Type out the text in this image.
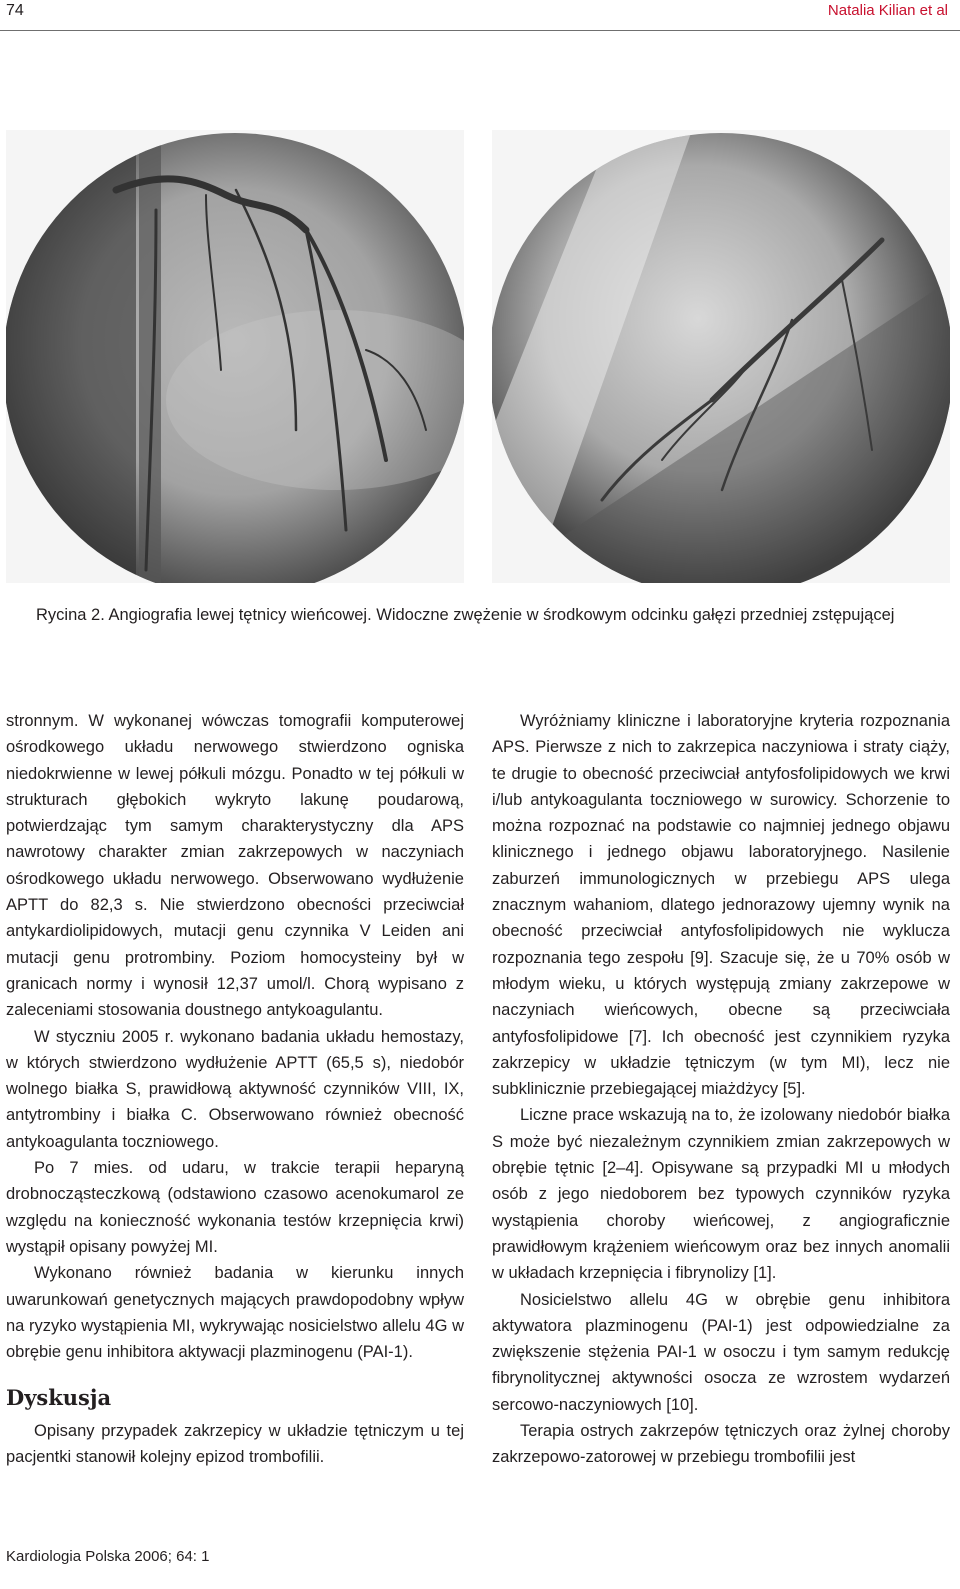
74	Natalia Kilian et al
Rycina 2. Angiografia lewej tętnicy wieńcowej. Widoczne zwężenie w środkowym odcinku gałęzi przedniej zstępującej

stronnym. W wykonanej wówczas tomografii komputerowej ośrodkowego układu nerwowego stwierdzono ogniska niedokrwienne w lewej półkuli mózgu. Ponadto w tej półkuli w strukturach głębokich wykryto lakunę poudarową, potwierdzając tym samym charakterystyczny dla APS nawrotowy charakter zmian zakrzepowych w naczyniach ośrodkowego układu nerwowego. Obserwowano wydłużenie APTT do 82,3 s. Nie stwierdzono obecności przeciwciał antykardiolipidowych, mutacji genu czynnika V Leiden ani mutacji genu protrombiny. Poziom homocysteiny był w granicach normy i wynosił 12,37 umol/l. Chorą wypisano z zaleceniami stosowania doustnego antykoagulantu.

W styczniu 2005 r. wykonano badania układu hemostazy, w których stwierdzono wydłużenie APTT (65,5 s), niedobór wolnego białka S, prawidłową aktywność czynników VIII, IX, antytrombiny i białka C. Obserwowano również obecność antykoagulanta toczniowego.

Po 7 mies. od udaru, w trakcie terapii heparyną drobnocząsteczkową (odstawiono czasowo acenokumarol ze względu na konieczność wykonania testów krzepnięcia krwi) wystąpił opisany powyżej MI.

Wykonano również badania w kierunku innych uwarunkowań genetycznych mających prawdopodobny wpływ na ryzyko wystąpienia MI, wykrywając nosicielstwo allelu 4G w obrębie genu inhibitora aktywacji plazminogenu (PAI-1).

Dyskusja

Opisany przypadek zakrzepicy w układzie tętniczym u tej pacjentki stanowił kolejny epizod trombofilii.

Wyróżniamy kliniczne i laboratoryjne kryteria rozpoznania APS. Pierwsze z nich to zakrzepica naczyniowa i straty ciąży, te drugie to obecność przeciwciał antyfosfolipidowych we krwi i/lub antykoagulanta toczniowego w surowicy. Schorzenie to można rozpoznać na podstawie co najmniej jednego objawu klinicznego i jednego objawu laboratoryjnego. Nasilenie zaburzeń immunologicznych w przebiegu APS ulega znacznym wahaniom, dlatego jednorazowy ujemny wynik na obecność przeciwciał antyfosfolipidowych nie wyklucza rozpoznania tego zespołu [9]. Szacuje się, że u 70% osób w młodym wieku, u których występują zmiany zakrzepowe w naczyniach wieńcowych, obecne są przeciwciała antyfosfolipidowe [7]. Ich obecność jest czynnikiem ryzyka zakrzepicy w układzie tętniczym (w tym MI), lecz nie subklinicznie przebiegającej miażdżycy [5].

Liczne prace wskazują na to, że izolowany niedobór białka S może być niezależnym czynnikiem zmian zakrzepowych w obrębie tętnic [2–4]. Opisywane są przypadki MI u młodych osób z jego niedoborem bez typowych czynników ryzyka wystąpienia choroby wieńcowej, z angiograficznie prawidłowym krążeniem wieńcowym oraz bez innych anomalii w układach krzepnięcia i fibrynolizy [1].

Nosicielstwo allelu 4G w obrębie genu inhibitora aktywatora plazminogenu (PAI-1) jest odpowiedzialne za zwiększenie stężenia PAI-1 w osoczu i tym samym redukcję fibrynolitycznej aktywności osocza ze wzrostem wydarzeń sercowo-naczyniowych [10].

Terapia ostrych zakrzepów tętniczych oraz żylnej choroby zakrzepowo-zatorowej w przebiegu trombofilii jest

Kardiologia Polska 2006; 64: 1
